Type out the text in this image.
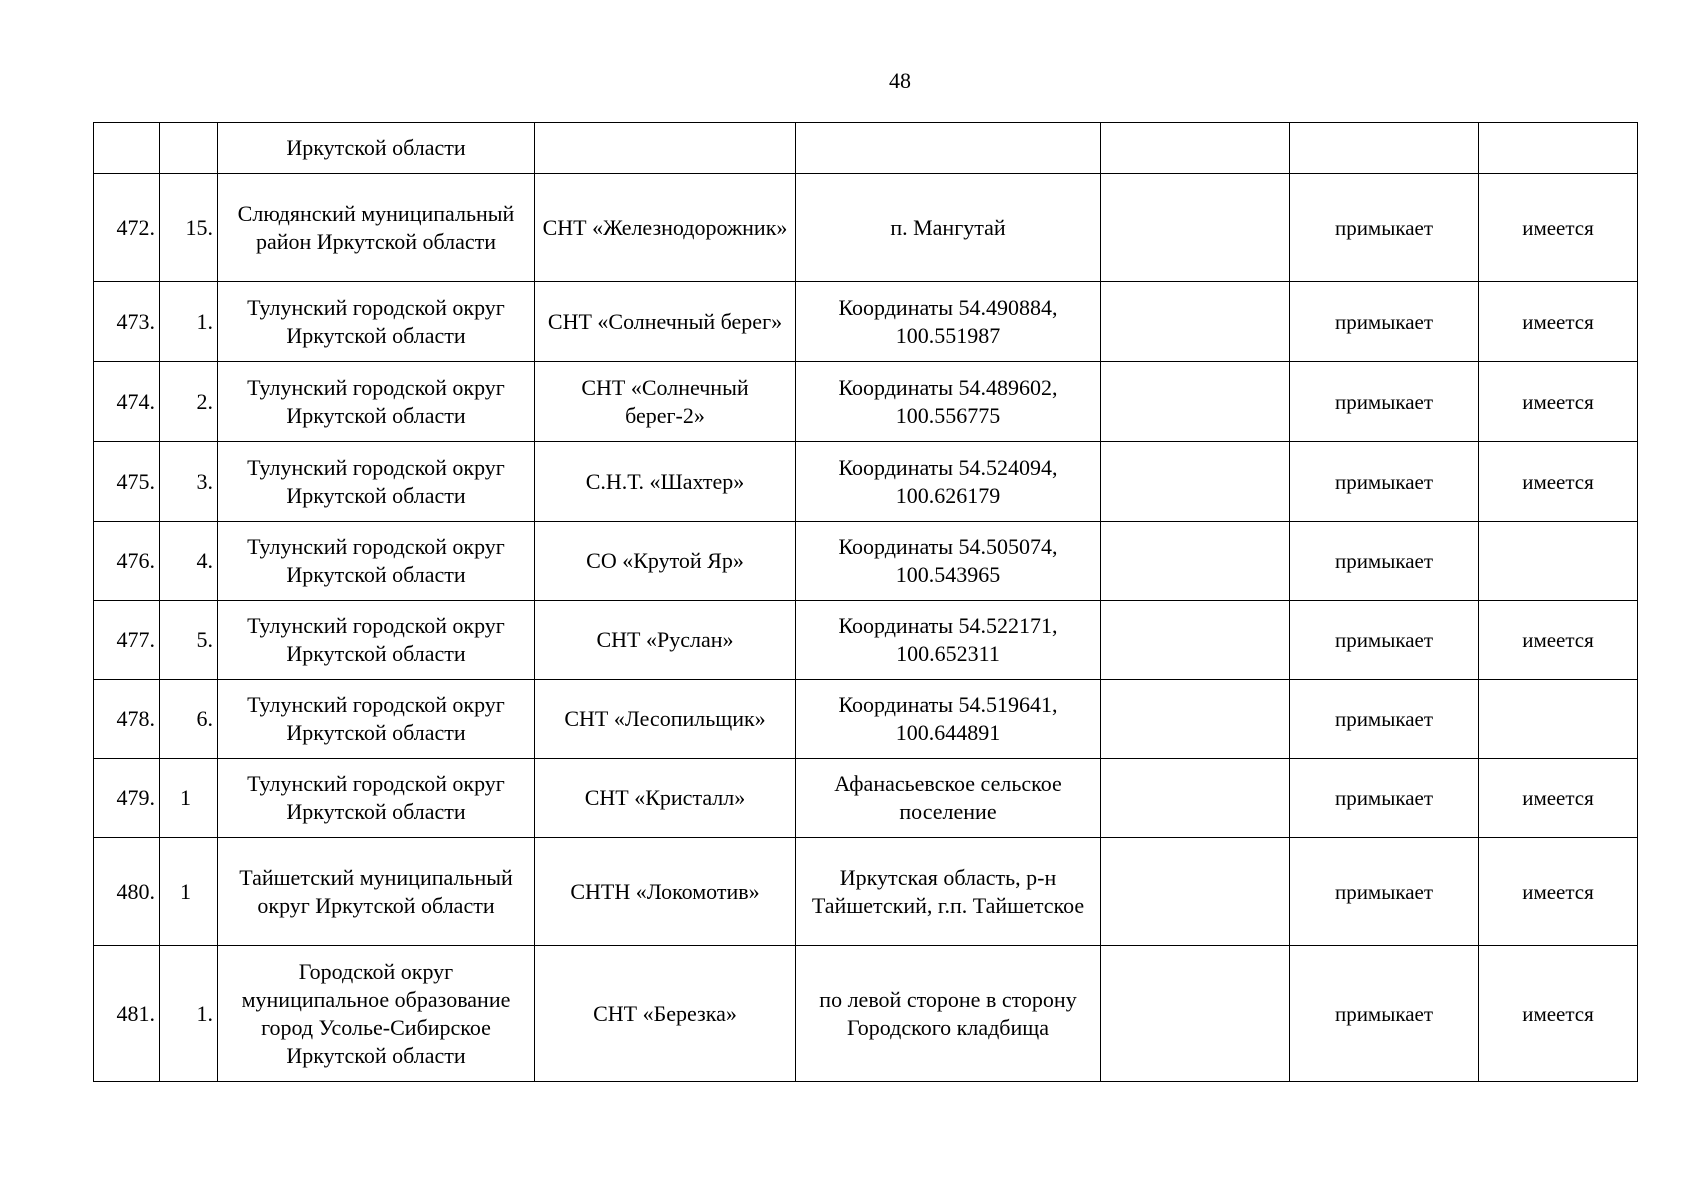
48
		Иркутской области					
472.	15.	Слюдянский муниципальный район Иркутской области	СНТ «Железнодорожник»	п. Мангутай		примыкает	имеется
473.	1.	Тулунский городской округ Иркутской области	СНТ «Солнечный берег»	Координаты 54.490884, 100.551987		примыкает	имеется
474.	2.	Тулунский городской округ Иркутской области	СНТ «Солнечный берег-2»	Координаты 54.489602, 100.556775		примыкает	имеется
475.	3.	Тулунский городской округ Иркутской области	С.Н.Т. «Шахтер»	Координаты 54.524094, 100.626179		примыкает	имеется
476.	4.	Тулунский городской округ Иркутской области	СО «Крутой Яр»	Координаты 54.505074, 100.543965		примыкает	
477.	5.	Тулунский городской округ Иркутской области	СНТ «Руслан»	Координаты 54.522171, 100.652311		примыкает	имеется
478.	6.	Тулунский городской округ Иркутской области	СНТ «Лесопильщик»	Координаты 54.519641, 100.644891		примыкает	
479.	1	Тулунский городской округ Иркутской области	СНТ «Кристалл»	Афанасьевское сельское поселение		примыкает	имеется
480.	1	Тайшетский муниципальный округ Иркутской области	СНТН «Локомотив»	Иркутская область, р-н Тайшетский, г.п. Тайшетское		примыкает	имеется
481.	1.	Городской округ муниципальное образование город Усолье-Сибирское Иркутской области	СНТ «Березка»	по левой стороне в сторону Городского кладбища		примыкает	имеется
